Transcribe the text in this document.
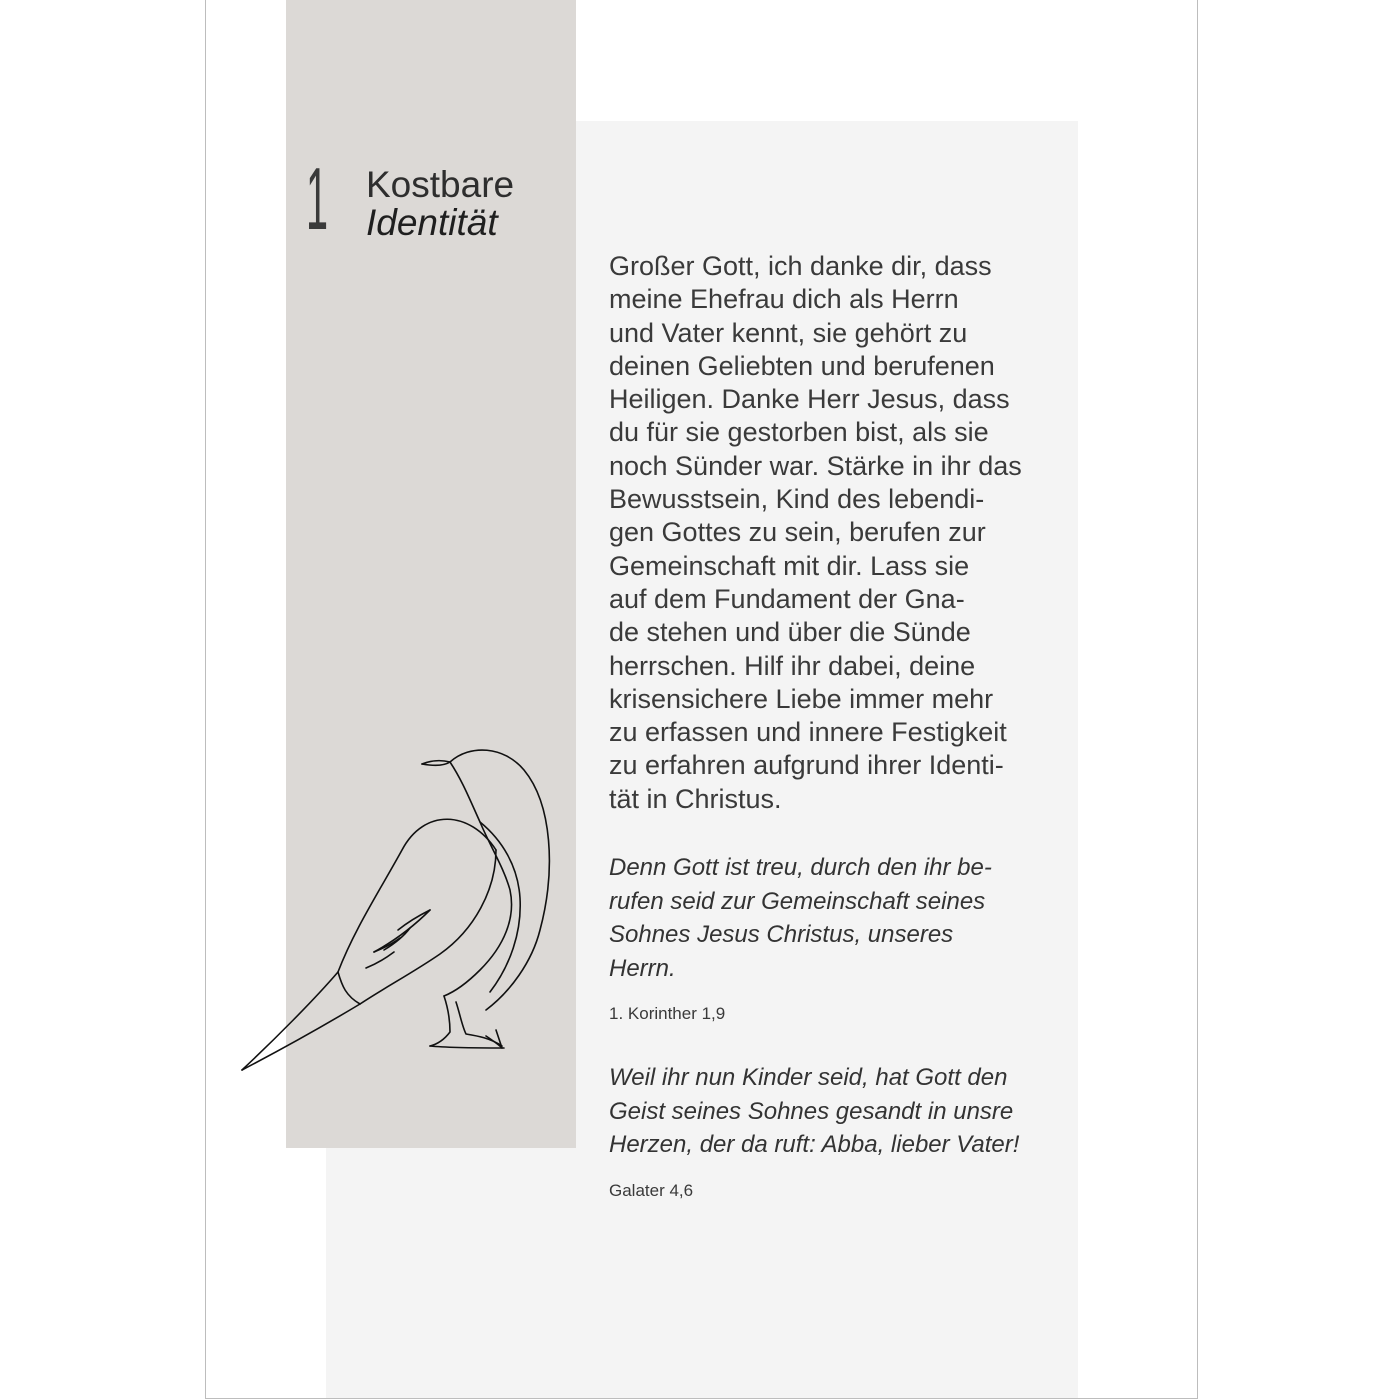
1 Kostbare
Identität

Großer Gott, ich danke dir, dass
meine Ehefrau dich als Herrn
und Vater kennt, sie gehört zu
deinen Geliebten und berufenen
Heiligen. Danke Herr Jesus, dass
du für sie gestorben bist, als sie
noch Sünder war. Stärke in ihr das
Bewusstsein, Kind des lebendi-
gen Gottes zu sein, berufen zur
Gemeinschaft mit dir. Lass sie
auf dem Fundament der Gna-
de stehen und über die Sünde
herrschen. Hilf ihr dabei, deine
krisensichere Liebe immer mehr
zu erfassen und innere Festigkeit
zu erfahren aufgrund ihrer Identi-
tät in Christus.

Denn Gott ist treu, durch den ihr be-
rufen seid zur Gemeinschaft seines
Sohnes Jesus Christus, unseres
Herrn.

1. Korinther 1,9

Weil ihr nun Kinder seid, hat Gott den
Geist seines Sohnes gesandt in unsre
Herzen, der da ruft: Abba, lieber Vater!

Galater 4,6
